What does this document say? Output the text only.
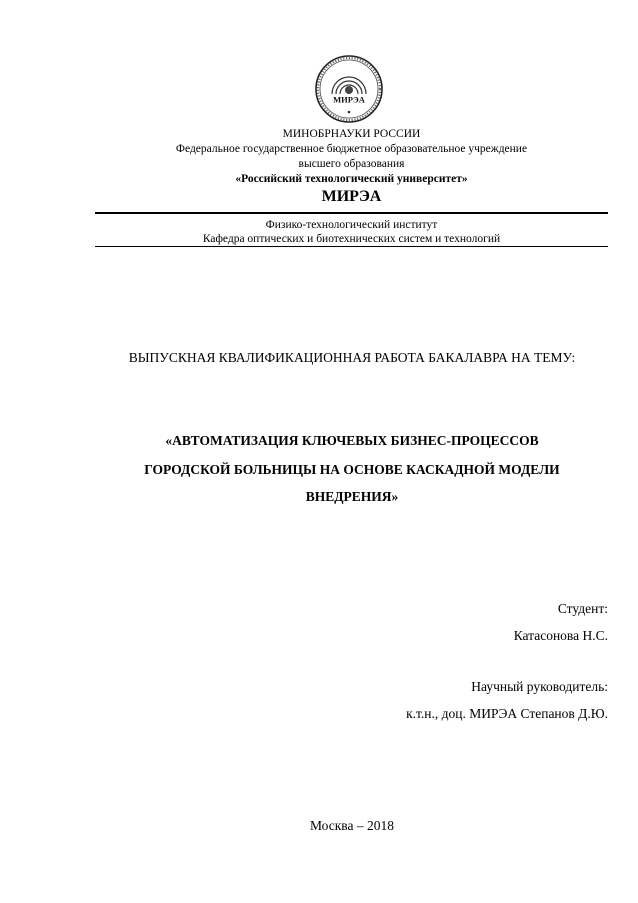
МИРЭА
МИНОБРНАУКИ РОССИИ
Федеральное государственное бюджетное образовательное учреждение
высшего образования
«Российский технологический университет»
МИРЭА
Физико-технологический институт
Кафедра оптических и биотехнических систем и технологий
ВЫПУСКНАЯ КВАЛИФИКАЦИОННАЯ РАБОТА БАКАЛАВРА НА ТЕМУ:
«АВТОМАТИЗАЦИЯ КЛЮЧЕВЫХ БИЗНЕС-ПРОЦЕССОВ
ГОРОДСКОЙ БОЛЬНИЦЫ НА ОСНОВЕ КАСКАДНОЙ МОДЕЛИ
ВНЕДРЕНИЯ»
Студент:
Катасонова Н.С.
Научный руководитель:
к.т.н., доц. МИРЭА Степанов Д.Ю.
Москва – 2018
